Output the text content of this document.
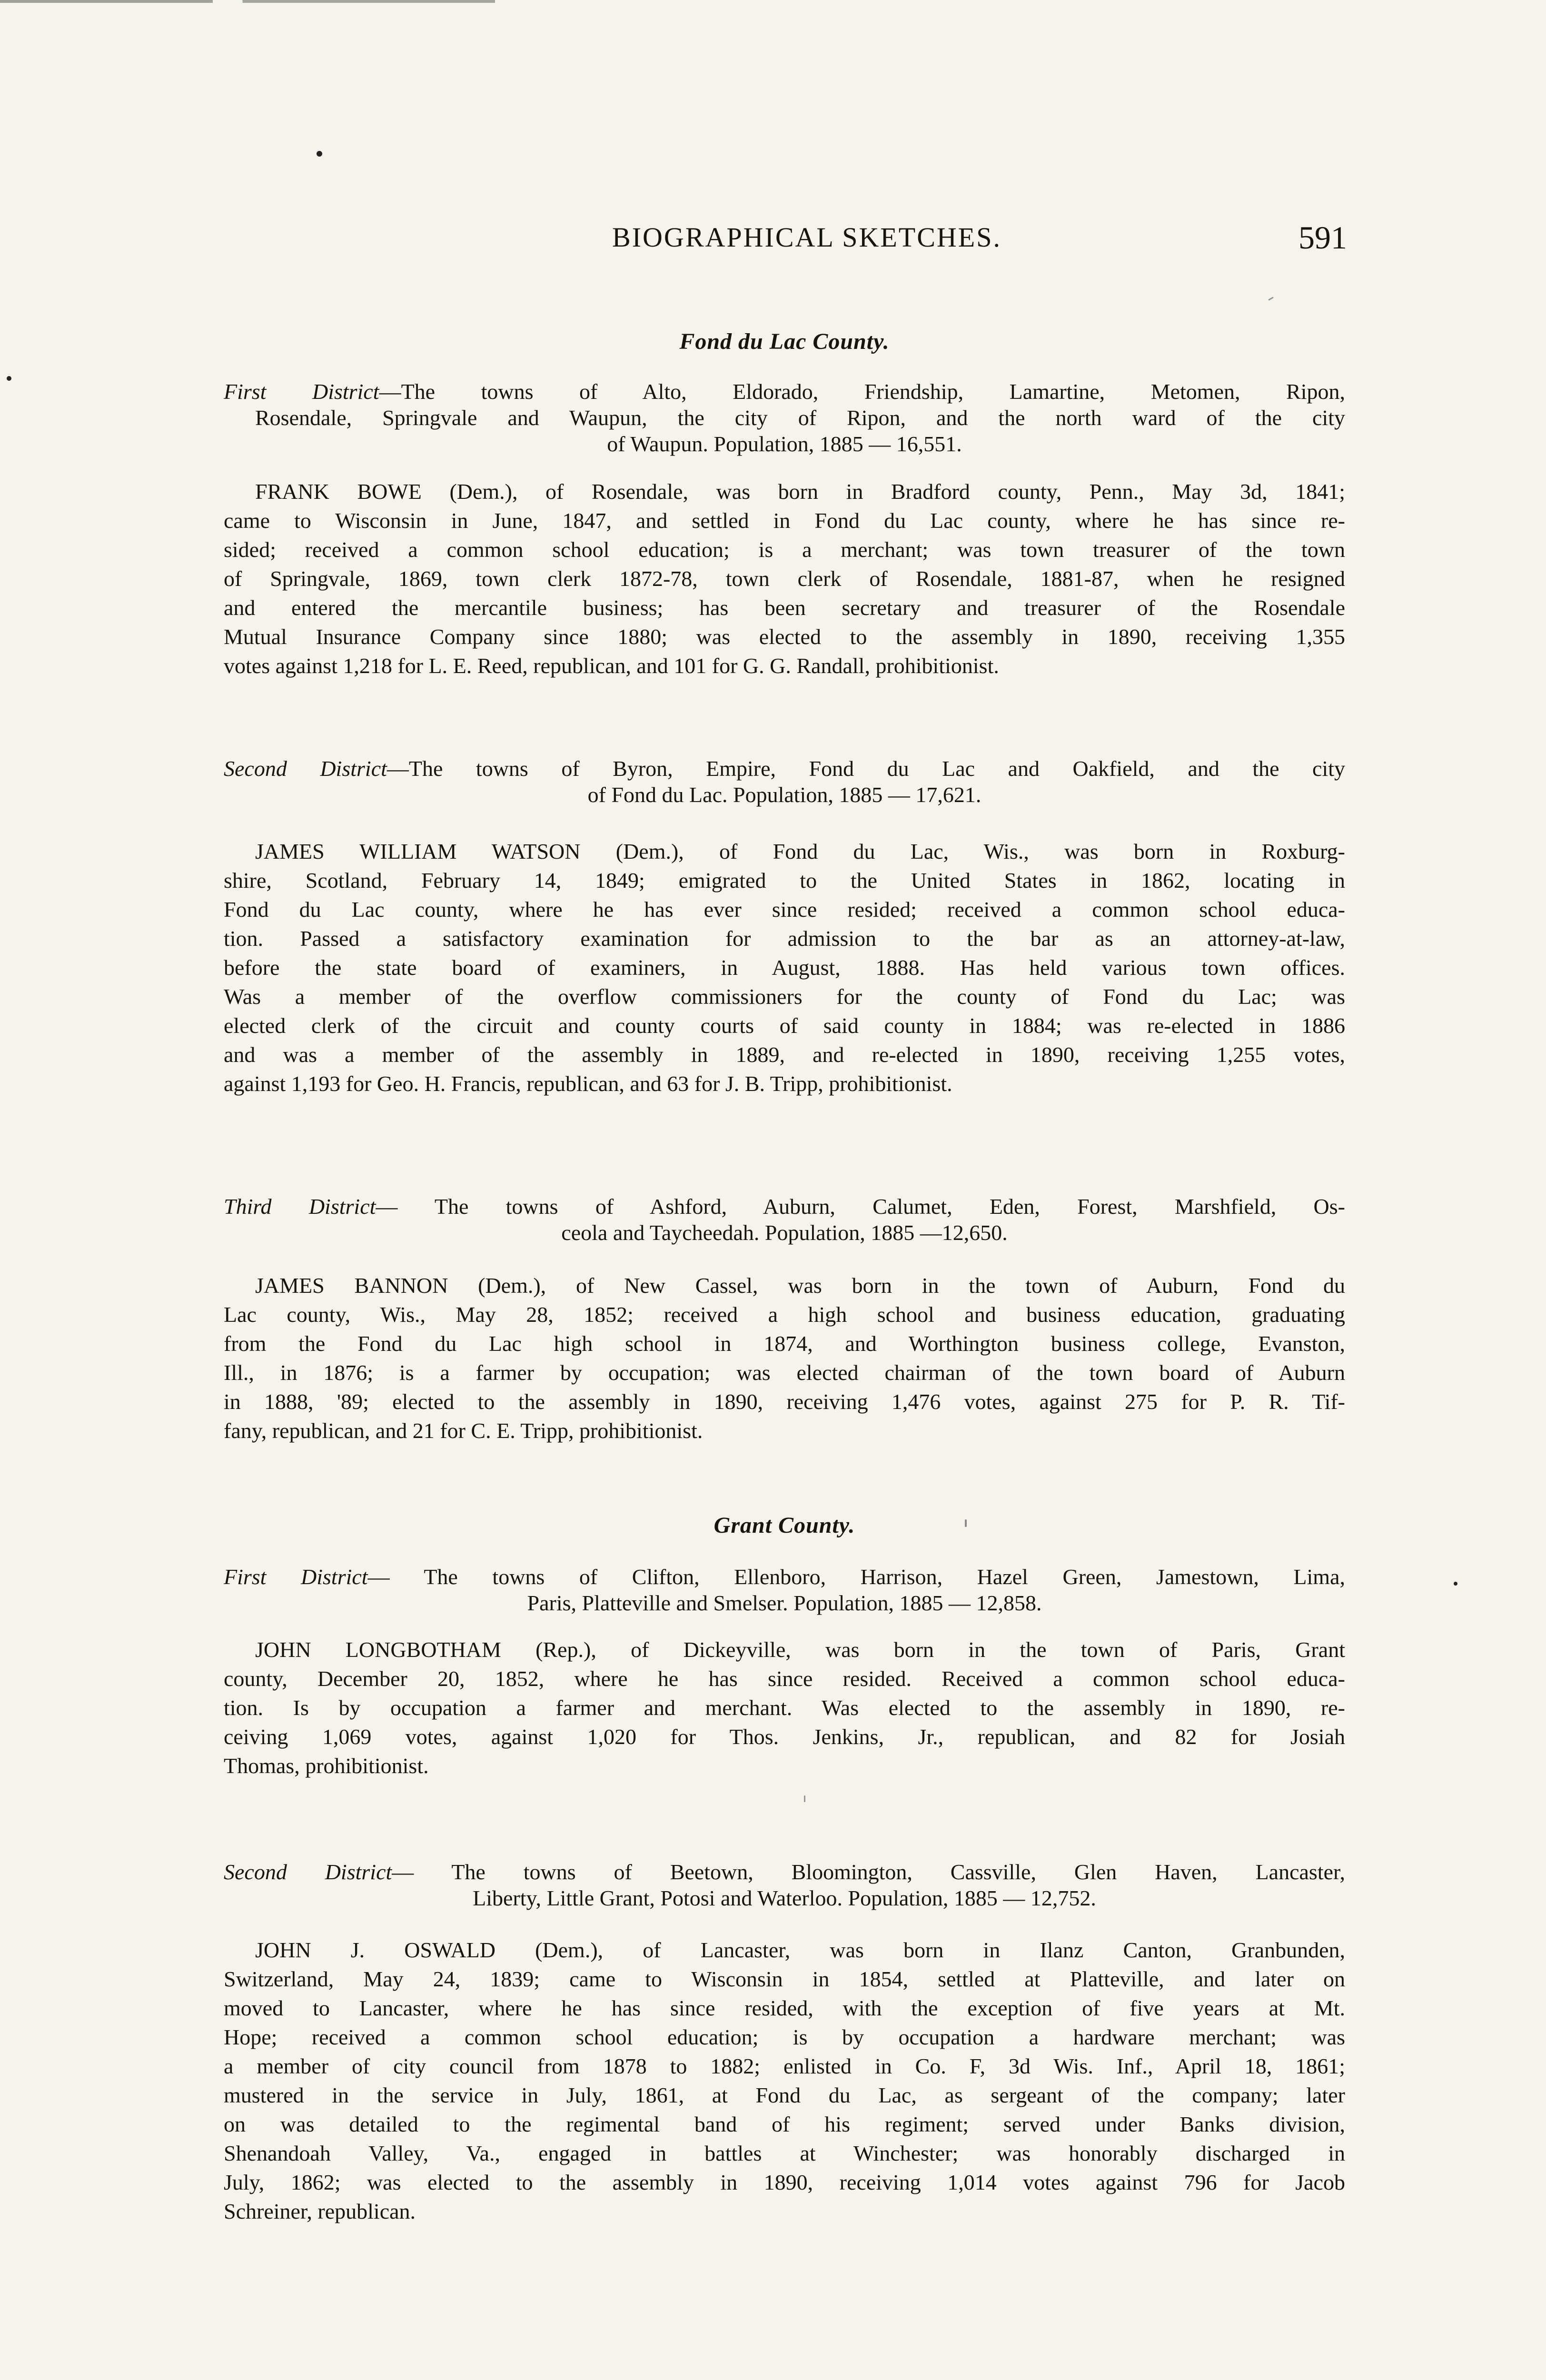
BIOGRAPHICAL SKETCHES.	591
Fond du Lac County.
First District—The towns of Alto, Eldorado, Friendship, Lamartine, Metomen, Ripon,
Rosendale, Springvale and Waupun, the city of Ripon, and the north ward of the city
of Waupun. Population, 1885 — 16,551.
FRANK BOWE (Dem.), of Rosendale, was born in Bradford county, Penn., May 3d, 1841;
came to Wisconsin in June, 1847, and settled in Fond du Lac county, where he has since re-
sided; received a common school education; is a merchant; was town treasurer of the town
of Springvale, 1869, town clerk 1872-78, town clerk of Rosendale, 1881-87, when he resigned
and entered the mercantile business; has been secretary and treasurer of the Rosendale
Mutual Insurance Company since 1880; was elected to the assembly in 1890, receiving 1,355
votes against 1,218 for L. E. Reed, republican, and 101 for G. G. Randall, prohibitionist.
Second District—The towns of Byron, Empire, Fond du Lac and Oakfield, and the city
of Fond du Lac. Population, 1885 — 17,621.
JAMES WILLIAM WATSON (Dem.), of Fond du Lac, Wis., was born in Roxburg-
shire, Scotland, February 14, 1849; emigrated to the United States in 1862, locating in
Fond du Lac county, where he has ever since resided; received a common school educa-
tion. Passed a satisfactory examination for admission to the bar as an attorney-at-law,
before the state board of examiners, in August, 1888. Has held various town offices.
Was a member of the overflow commissioners for the county of Fond du Lac; was
elected clerk of the circuit and county courts of said county in 1884; was re-elected in 1886
and was a member of the assembly in 1889, and re-elected in 1890, receiving 1,255 votes,
against 1,193 for Geo. H. Francis, republican, and 63 for J. B. Tripp, prohibitionist.
Third District— The towns of Ashford, Auburn, Calumet, Eden, Forest, Marshfield, Os-
ceola and Taycheedah. Population, 1885 —12,650.
JAMES BANNON (Dem.), of New Cassel, was born in the town of Auburn, Fond du
Lac county, Wis., May 28, 1852; received a high school and business education, graduating
from the Fond du Lac high school in 1874, and Worthington business college, Evanston,
Ill., in 1876; is a farmer by occupation; was elected chairman of the town board of Auburn
in 1888, '89; elected to the assembly in 1890, receiving 1,476 votes, against 275 for P. R. Tif-
fany, republican, and 21 for C. E. Tripp, prohibitionist.
Grant County.
First District— The towns of Clifton, Ellenboro, Harrison, Hazel Green, Jamestown, Lima,
Paris, Platteville and Smelser. Population, 1885 — 12,858.
JOHN LONGBOTHAM (Rep.), of Dickeyville, was born in the town of Paris, Grant
county, December 20, 1852, where he has since resided. Received a common school educa-
tion. Is by occupation a farmer and merchant. Was elected to the assembly in 1890, re-
ceiving 1,069 votes, against 1,020 for Thos. Jenkins, Jr., republican, and 82 for Josiah
Thomas, prohibitionist.
Second District— The towns of Beetown, Bloomington, Cassville, Glen Haven, Lancaster,
Liberty, Little Grant, Potosi and Waterloo. Population, 1885 — 12,752.
JOHN J. OSWALD (Dem.), of Lancaster, was born in Ilanz Canton, Granbunden,
Switzerland, May 24, 1839; came to Wisconsin in 1854, settled at Platteville, and later on
moved to Lancaster, where he has since resided, with the exception of five years at Mt.
Hope; received a common school education; is by occupation a hardware merchant; was
a member of city council from 1878 to 1882; enlisted in Co. F, 3d Wis. Inf., April 18, 1861;
mustered in the service in July, 1861, at Fond du Lac, as sergeant of the company; later
on was detailed to the regimental band of his regiment; served under Banks division,
Shenandoah Valley, Va., engaged in battles at Winchester; was honorably discharged in
July, 1862; was elected to the assembly in 1890, receiving 1,014 votes against 796 for Jacob
Schreiner, republican.
